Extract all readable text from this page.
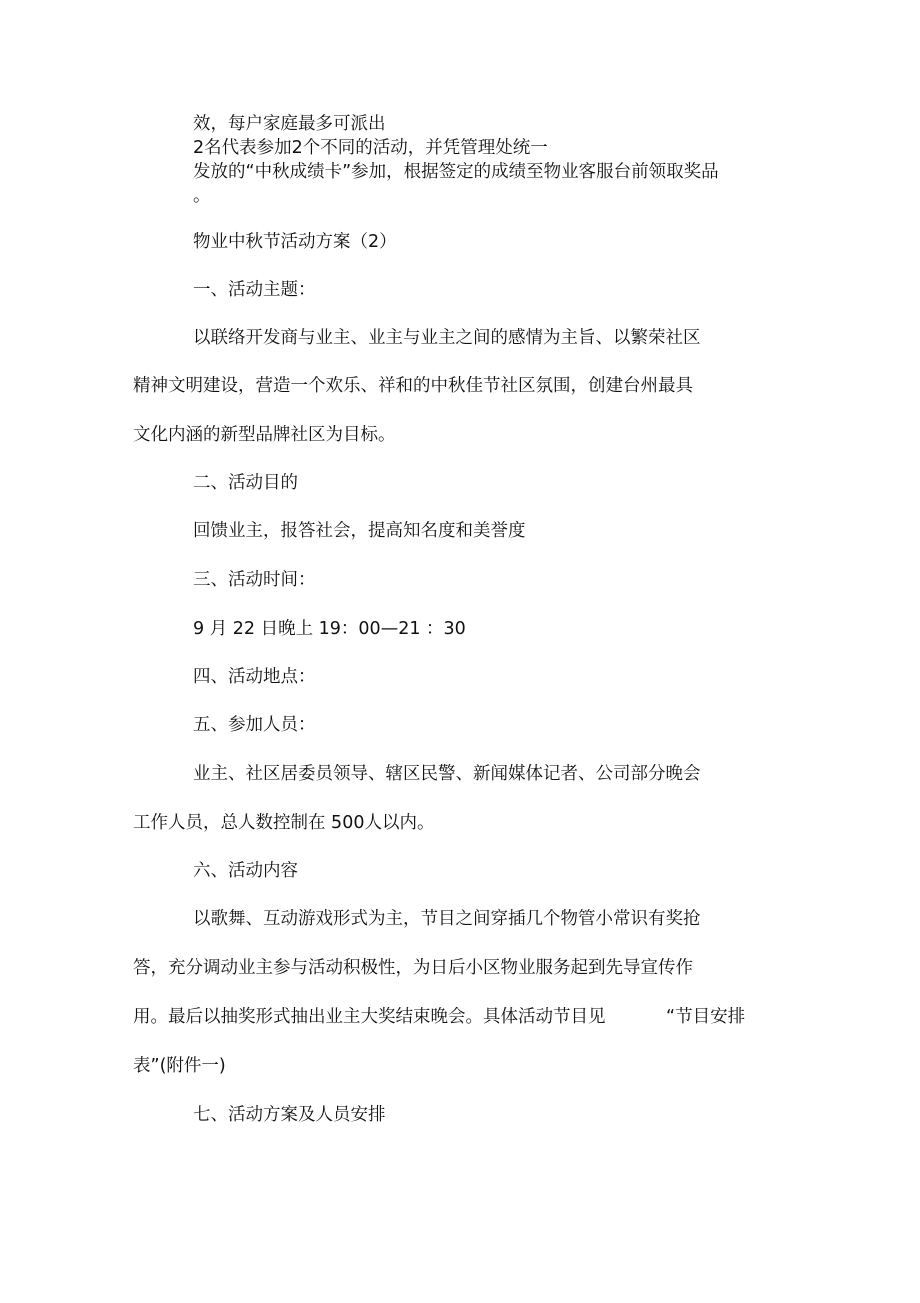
效，每户家庭最多可派出

2名代表参加2个不同的活动，并凭管理处统一

发放的“中秋成绩卡”参加，根据签定的成绩至物业客服台前领取奖品

。

物业中秋节活动方案（2）

一、活动主题：

以联络开发商与业主、业主与业主之间的感情为主旨、以繁荣社区

精神文明建设，营造一个欢乐、祥和的中秋佳节社区氛围，创建台州最具

文化内涵的新型品牌社区为目标。

二、活动目的

回馈业主，报答社会，提高知名度和美誉度

三、活动时间：

9 月 22 日晚上 19：00—21 ：30

四、活动地点：

五、参加人员：

业主、社区居委员领导、辖区民警、新闻媒体记者、公司部分晚会

工作人员，总人数控制在 500人以内。

六、活动内容

以歌舞、互动游戏形式为主，节目之间穿插几个物管小常识有奖抢

答，充分调动业主参与活动积极性，为日后小区物业服务起到先导宣传作

用。最后以抽奖形式抽出业主大奖结束晚会。具体活动节目见	“节目安排

表”(附件一)

七、活动方案及人员安排
